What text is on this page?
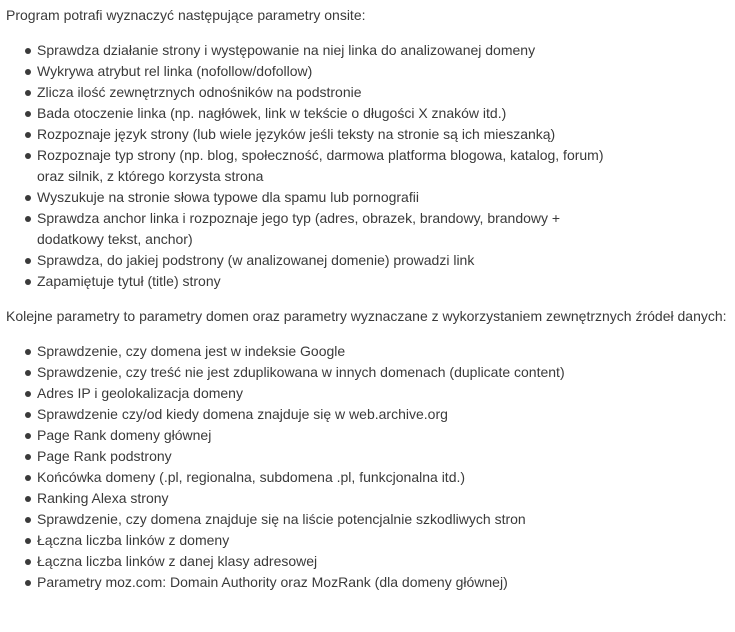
Program potrafi wyznaczyć następujące parametry onsite:

Sprawdza działanie strony i występowanie na niej linka do analizowanej domeny
Wykrywa atrybut rel linka (nofollow/dofollow)
Zlicza ilość zewnętrznych odnośników na podstronie
Bada otoczenie linka (np. nagłówek, link w tekście o długości X znaków itd.)
Rozpoznaje język strony (lub wiele języków jeśli teksty na stronie są ich mieszanką)
Rozpoznaje typ strony (np. blog, społeczność, darmowa platforma blogowa, katalog, forum)
oraz silnik, z którego korzysta strona
Wyszukuje na stronie słowa typowe dla spamu lub pornografii
Sprawdza anchor linka i rozpoznaje jego typ (adres, obrazek, brandowy, brandowy +
dodatkowy tekst, anchor)
Sprawdza, do jakiej podstrony (w analizowanej domenie) prowadzi link
Zapamiętuje tytuł (title) strony

Kolejne parametry to parametry domen oraz parametry wyznaczane z wykorzystaniem zewnętrznych źródeł danych:

Sprawdzenie, czy domena jest w indeksie Google
Sprawdzenie, czy treść nie jest zduplikowana w innych domenach (duplicate content)
Adres IP i geolokalizacja domeny
Sprawdzenie czy/od kiedy domena znajduje się w web.archive.org
Page Rank domeny głównej
Page Rank podstrony
Końcówka domeny (.pl, regionalna, subdomena .pl, funkcjonalna itd.)
Ranking Alexa strony
Sprawdzenie, czy domena znajduje się na liście potencjalnie szkodliwych stron
Łączna liczba linków z domeny
Łączna liczba linków z danej klasy adresowej
Parametry moz.com: Domain Authority oraz MozRank (dla domeny głównej)
